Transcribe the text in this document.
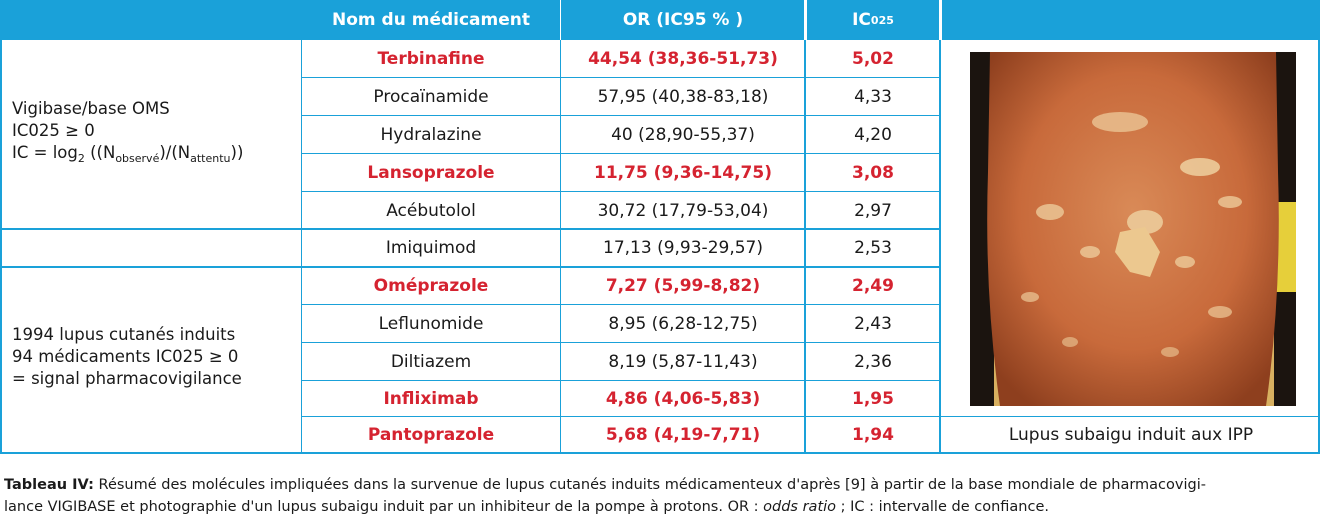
Nom du médicament	OR (IC95 % )	IC 025
Terbinafine	44,54 (38,36-51,73)	5,02
Procaïnamide	57,95 (40,38-83,18)	4,33
Hydralazine	40 (28,90-55,37)	4,20
Lansoprazole	11,75 (9,36-14,75)	3,08
Acébutolol	30,72 (17,79-53,04)	2,97
Imiquimod	17,13 (9,93-29,57)	2,53
Oméprazole	7,27 (5,99-8,82)	2,49
Leflunomide	8,95 (6,28-12,75)	2,43
Diltiazem	8,19 (5,87-11,43)	2,36
Infliximab	4,86 (4,06-5,83)	1,95
Pantoprazole	5,68 (4,19-7,71)	1,94
Vigibase/base OMS
IC025 ≥ 0
IC = $\log_2 ((N_{observé})/(N_{attentu}))$
1994 lupus cutanés induits
94 médicaments IC025 ≥ 0
= signal pharmacovigilance
Lupus subaigu induit aux IPP
Tableau IV: Résumé des molécules impliquées dans la survenue de lupus cutanés induits médicamenteux d'après [9] à partir de la base mondiale de pharmacovigi-
lance VIGIBASE et photographie d'un lupus subaigu induit par un inhibiteur de la pompe à protons. OR : odds ratio ; IC : intervalle de confiance.
